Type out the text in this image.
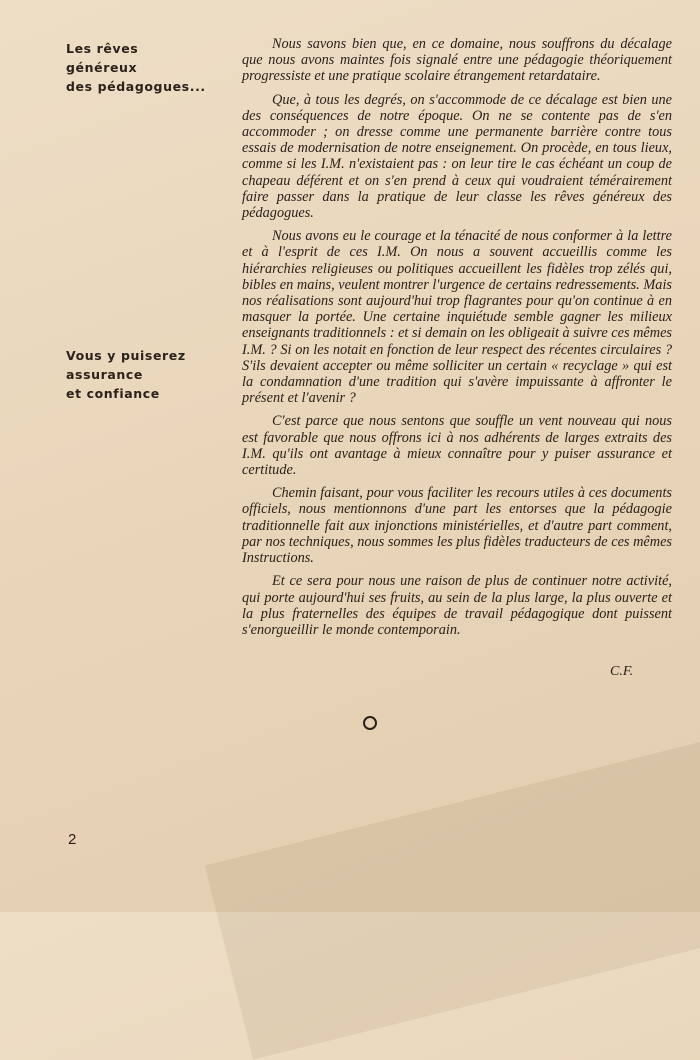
Les rêves
généreux
des pédagogues...
Vous y puiserez
assurance
et confiance

Nous savons bien que, en ce domaine, nous souffrons du décalage que nous avons maintes fois signalé entre une pédagogie théoriquement progressiste et une pratique scolaire étrangement retardataire.

Que, à tous les degrés, on s'accommode de ce décalage est bien une des conséquences de notre époque. On ne se contente pas de s'en accommoder ; on dresse comme une permanente barrière contre tous essais de modernisation de notre enseignement. On procède, en tous lieux, comme si les I.M. n'existaient pas : on leur tire le cas échéant un coup de chapeau déférent et on s'en prend à ceux qui voudraient témérairement faire passer dans la pratique de leur classe les rêves généreux des pédagogues.

Nous avons eu le courage et la ténacité de nous conformer à la lettre et à l'esprit de ces I.M. On nous a souvent accueillis comme les hiérarchies religieuses ou politiques accueillent les fidèles trop zélés qui, bibles en mains, veulent montrer l'urgence de certains redressements. Mais nos réalisations sont aujourd'hui trop flagrantes pour qu'on continue à en masquer la portée. Une certaine inquiétude semble gagner les milieux enseignants traditionnels : et si demain on les obligeait à suivre ces mêmes I.M. ? Si on les notait en fonction de leur respect des récentes circulaires ? S'ils devaient accepter ou même solliciter un certain « recyclage » qui est la condamnation d'une tradition qui s'avère impuissante à affronter le présent et l'avenir ?

C'est parce que nous sentons que souffle un vent nouveau qui nous est favorable que nous offrons ici à nos adhérents de larges extraits des I.M. qu'ils ont avantage à mieux connaître pour y puiser assurance et certitude.

Chemin faisant, pour vous faciliter les recours utiles à ces documents officiels, nous mentionnons d'une part les entorses que la pédagogie traditionnelle fait aux injonctions ministérielles, et d'autre part comment, par nos techniques, nous sommes les plus fidèles traducteurs de ces mêmes Instructions.

Et ce sera pour nous une raison de plus de continuer notre activité, qui porte aujourd'hui ses fruits, au sein de la plus large, la plus ouverte et la plus fraternelles des équipes de travail pédagogique dont puissent s'enorgueillir le monde contemporain.

C.F.
2
